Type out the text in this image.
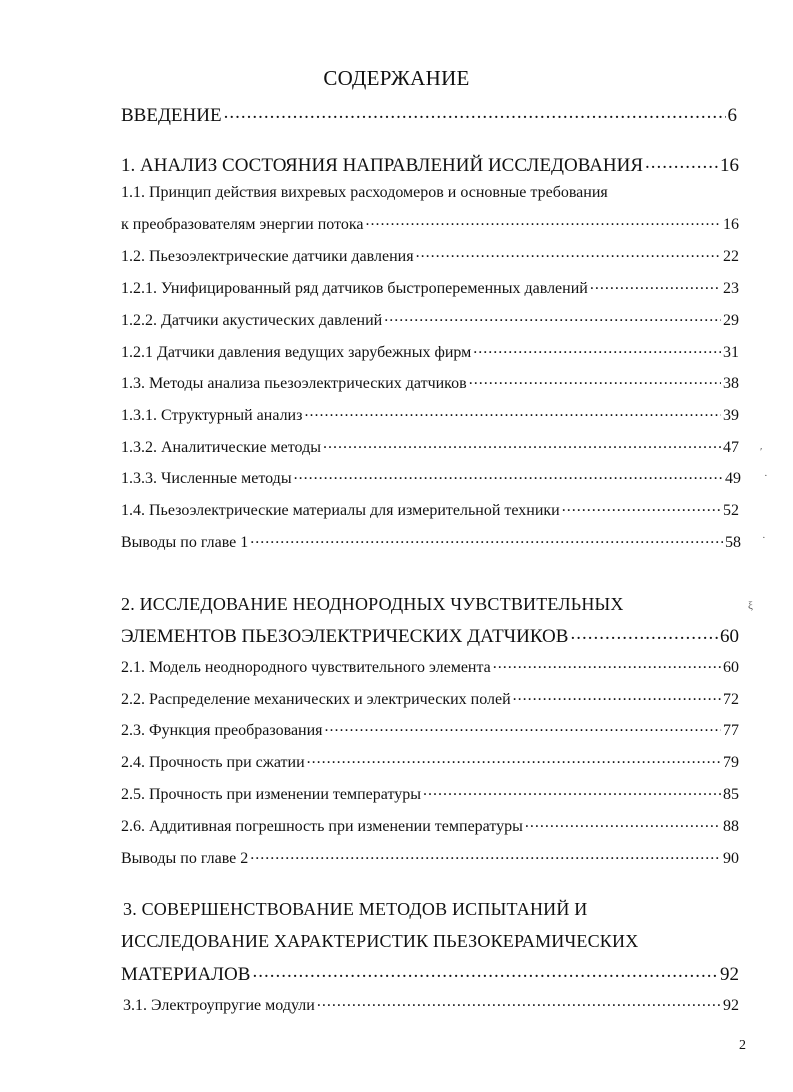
СОДЕРЖАНИЕ
ВВЕДЕНИЕ .....	6
1. АНАЛИЗ СОСТОЯНИЯ НАПРАВЛЕНИЙ ИССЛЕДОВАНИЯ .....	16
1.1. Принцип действия вихревых расходомеров и основные требования
к преобразователям энергии потока .....	16
1.2. Пьезоэлектрические датчики давления .....	22
1.2.1. Унифицированный ряд датчиков быстропеременных давлений .....	23
1.2.2. Датчики акустических давлений .....	29
1.2.1 Датчики давления ведущих зарубежных фирм .....	31
1.3. Методы анализа пьезоэлектрических датчиков .....	38
1.3.1. Структурный анализ .....	39
1.3.2. Аналитические методы .....	47
1.3.3. Численные методы .....	49
1.4. Пьезоэлектрические материалы для измерительной техники .....	52
Выводы по главе 1 .....	58
2. ИССЛЕДОВАНИЕ НЕОДНОРОДНЫХ ЧУВСТВИТЕЛЬНЫХ
ЭЛЕМЕНТОВ ПЬЕЗОЭЛЕКТРИЧЕСКИХ ДАТЧИКОВ .....	60
2.1. Модель неоднородного чувствительного элемента .....	60
2.2. Распределение механических и электрических полей .....	72
2.3. Функция преобразования .....	77
2.4. Прочность при сжатии .....	79
2.5. Прочность при изменении температуры .....	85
2.6. Аддитивная погрешность при изменении температуры .....	88
Выводы по главе 2 .....	90
3. СОВЕРШЕНСТВОВАНИЕ МЕТОДОВ ИСПЫТАНИЙ И
ИССЛЕДОВАНИЕ ХАРАКТЕРИСТИК ПЬЕЗОКЕРАМИЧЕСКИХ
МАТЕРИАЛОВ .....	92
3.1. Электроупругие модули .....	92
ʹ
·
·
ξ
2
